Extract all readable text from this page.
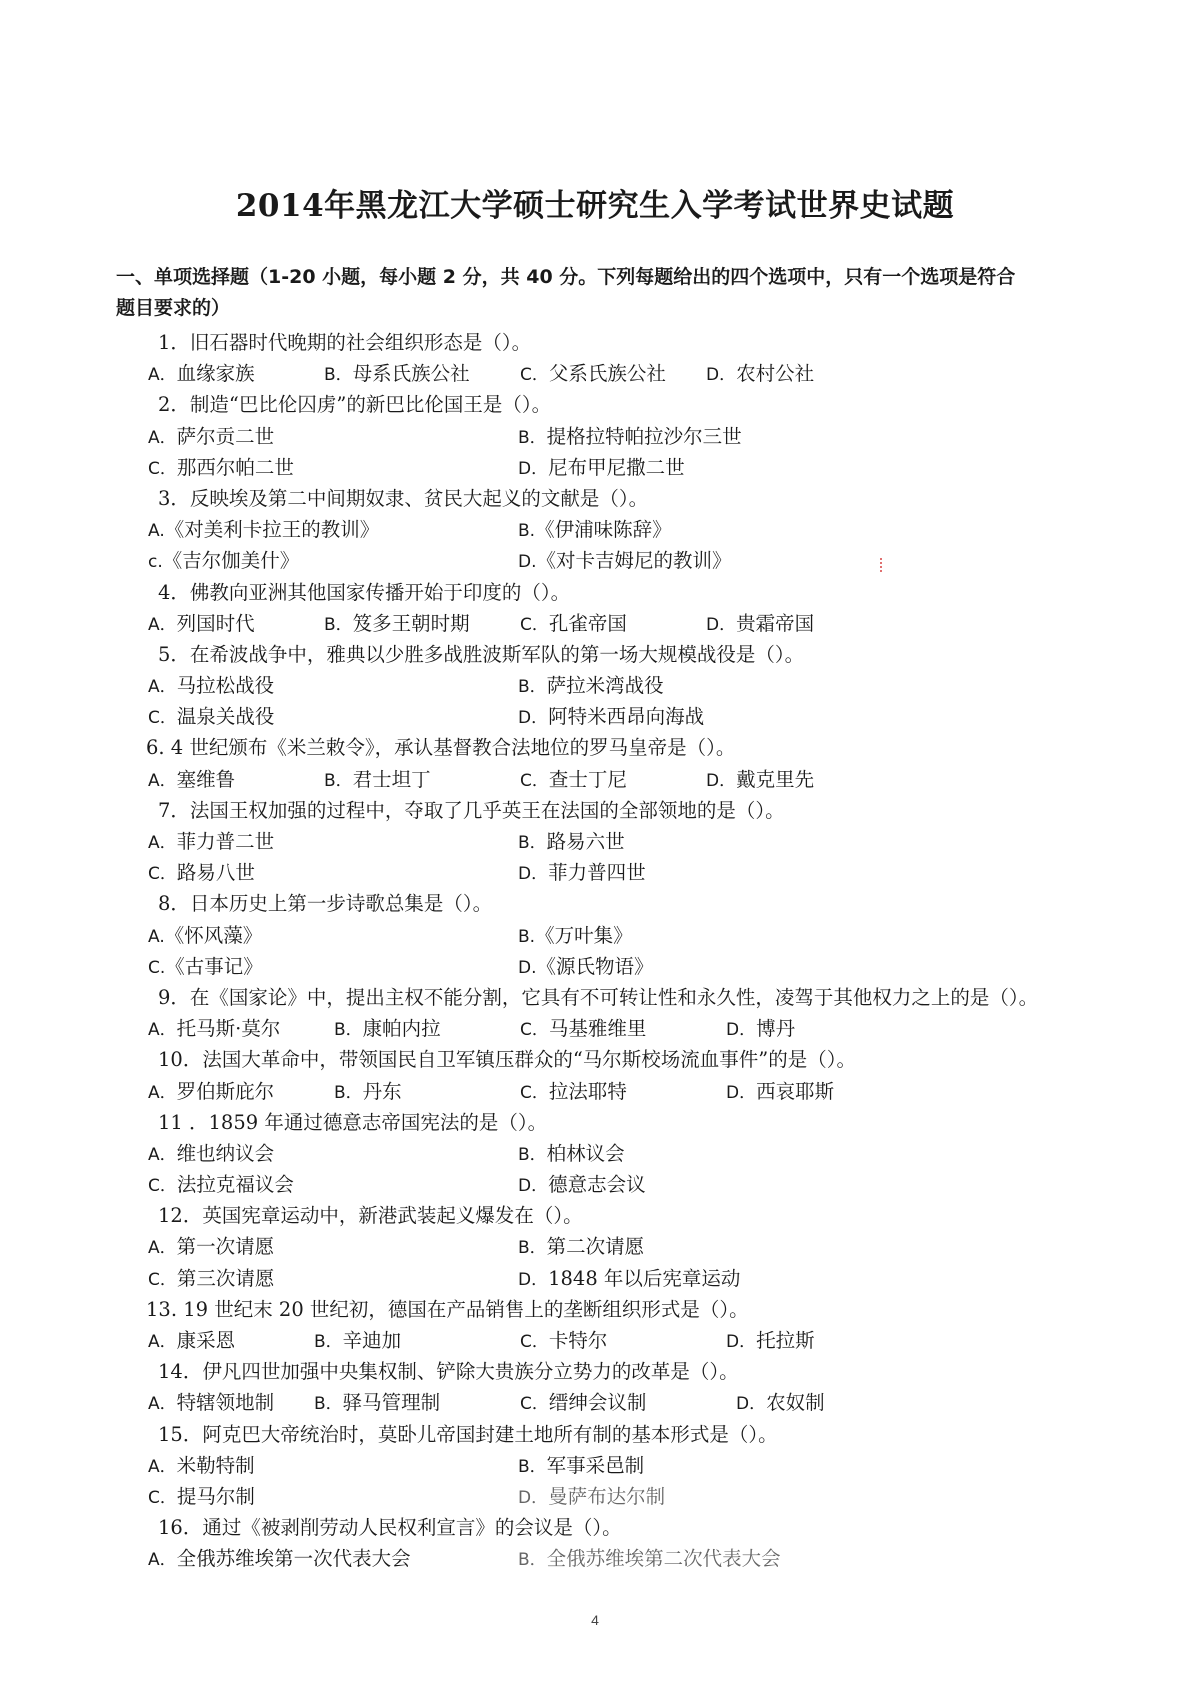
2014年黑龙江大学硕士研究生入学考试世界史试题
一、单项选择题（1-20 小题，每小题 2 分，共 40 分。下列每题给出的四个选项中，只有一个选项是符合
题目要求的）
1．旧石器时代晚期的社会组织形态是（）。
A．血缘家族	B．母系氏族公社	C．父系氏族公社 D．农村公社
2．制造“巴比伦囚虏”的新巴比伦国王是（）。
A．萨尔贡二世	B．提格拉特帕拉沙尔三世
C．那西尔帕二世	D．尼布甲尼撒二世
3．反映埃及第二中间期奴隶、贫民大起义的文献是（）。
A.《对美利卡拉王的教训》	B.《伊浦味陈辞》
c.《吉尔伽美什》	D.《对卡吉姆尼的教训》
4．佛教向亚洲其他国家传播开始于印度的（）。
A．列国时代	B．笈多王朝时期	C．孔雀帝国	D．贵霜帝国
5．在希波战争中，雅典以少胜多战胜波斯军队的第一场大规模战役是（）。
A．马拉松战役	B．萨拉米湾战役
C．温泉关战役	D．阿特米西昂向海战
6. 4 世纪颁布《米兰敕令》，承认基督教合法地位的罗马皇帝是（）。
A．塞维鲁	B．君士坦丁	C．查士丁尼	D．戴克里先
7．法国王权加强的过程中，夺取了几乎英王在法国的全部领地的是（）。
A．菲力普二世	B．路易六世
C．路易八世	D．菲力普四世
8．日本历史上第一步诗歌总集是（）。
A.《怀风藻》	B.《万叶集》
C.《古事记》	D.《源氏物语》
9．在《国家论》中，提出主权不能分割，它具有不可转让性和永久性，凌驾于其他权力之上的是（）。
A．托马斯·莫尔	B．康帕内拉	C．马基雅维里	D．博丹
10．法国大革命中，带领国民自卫军镇压群众的“马尔斯校场流血事件”的是（）。
A．罗伯斯庇尔	B．丹东	C．拉法耶特	D．西哀耶斯
11 ．1859 年通过德意志帝国宪法的是（）。
A．维也纳议会	B．柏林议会
C．法拉克福议会	D．德意志会议
12．英国宪章运动中，新港武装起义爆发在（）。
A．第一次请愿	B．第二次请愿
C．第三次请愿	D．1848 年以后宪章运动
13. 19 世纪末 20 世纪初，德国在产品销售上的垄断组织形式是（）。
A．康采恩	B．辛迪加	C．卡特尔	D．托拉斯
14．伊凡四世加强中央集权制、铲除大贵族分立势力的改革是（）。
A．特辖领地制 B．驿马管理制	C．缙绅会议制	D．农奴制
15．阿克巴大帝统治时，莫卧儿帝国封建土地所有制的基本形式是（）。
A．米勒特制	B．军事采邑制
C．提马尔制	D．曼萨布达尔制
16．通过《被剥削劳动人民权利宣言》的会议是（）。
A．全俄苏维埃第一次代表大会	B．全俄苏维埃第二次代表大会
4
